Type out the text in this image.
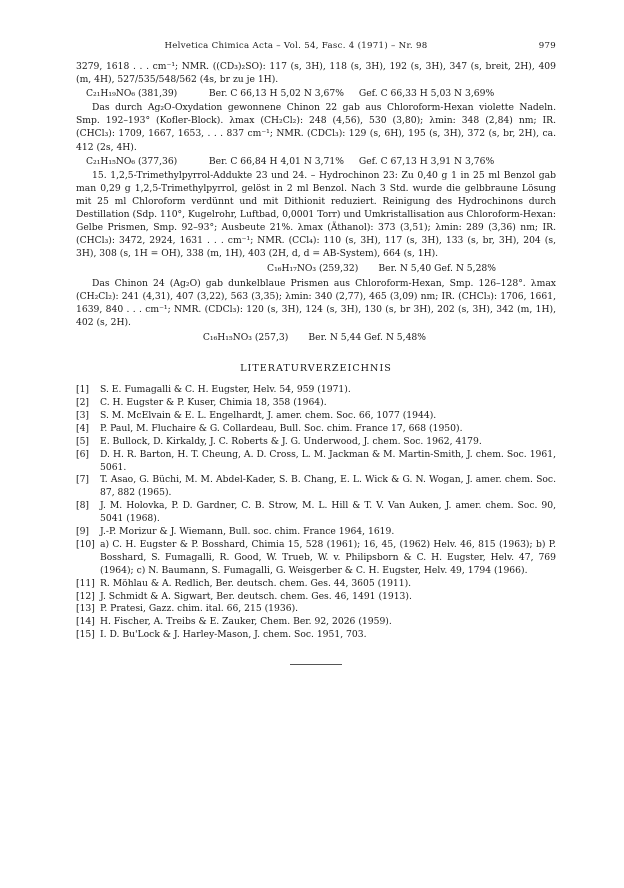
Helvetica Chimica Acta – Vol. 54, Fasc. 4 (1971) – Nr. 98	979

3279, 1618 . . . cm⁻¹; NMR. ((CD₃)₂SO): 117 (s, 3H), 118 (s, 3H), 192 (s, 3H), 347 (s, breit, 2H), 409 (m, 4H), 527/535/548/562 (4s, br zu je 1H).

C₂₁H₁₉NO₆ (381,39)	Ber. C 66,13 H 5,02 N 3,67% Gef. C 66,33 H 5,03 N 3,69%

Das durch Ag₂O-Oxydation gewonnene Chinon 22 gab aus Chloroform-Hexan violette Nadeln. Smp. 192–193° (Kofler-Block). λmax (CH₂Cl₂): 248 (4,56), 530 (3,80); λmin: 348 (2,84) nm; IR. (CHCl₃): 1709, 1667, 1653, . . . 837 cm⁻¹; NMR. (CDCl₃): 129 (s, 6H), 195 (s, 3H), 372 (s, br, 2H), ca. 412 (2s, 4H).

C₂₁H₁₅NO₆ (377,36)	Ber. C 66,84 H 4,01 N 3,71% Gef. C 67,13 H 3,91 N 3,76%

15. 1,2,5-Trimethylpyrrol-Addukte 23 und 24. – Hydrochinon 23: Zu 0,40 g 1 in 25 ml Benzol gab man 0,29 g 1,2,5-Trimethylpyrrol, gelöst in 2 ml Benzol. Nach 3 Std. wurde die gelbbraune Lösung mit 25 ml Chloroform verdünnt und mit Dithionit reduziert. Reinigung des Hydrochinons durch Destillation (Sdp. 110°, Kugelrohr, Luftbad, 0,0001 Torr) und Umkristallisation aus Chloroform-Hexan: Gelbe Prismen, Smp. 92–93°; Ausbeute 21%. λmax (Äthanol): 373 (3,51); λmin: 289 (3,36) nm; IR. (CHCl₃): 3472, 2924, 1631 . . . cm⁻¹; NMR. (CCl₄): 110 (s, 3H), 117 (s, 3H), 133 (s, br, 3H), 204 (s, 3H), 308 (s, 1H = OH), 338 (m, 1H), 403 (2H, d, d = AB-System), 664 (s, 1H).

C₁₆H₁₇NO₃ (259,32) Ber. N 5,40 Gef. N 5,28%

Das Chinon 24 (Ag₂O) gab dunkelblaue Prismen aus Chloroform-Hexan, Smp. 126–128°. λmax (CH₂Cl₂): 241 (4,31), 407 (3,22), 563 (3,35); λmin: 340 (2,77), 465 (3,09) nm; IR. (CHCl₃): 1706, 1661, 1639, 840 . . . cm⁻¹; NMR. (CDCl₃): 120 (s, 3H), 124 (s, 3H), 130 (s, br 3H), 202 (s, 3H), 342 (m, 1H), 402 (s, 2H).

C₁₆H₁₅NO₃ (257,3) Ber. N 5,44 Gef. N 5,48%
LITERATURVERZEICHNIS
[1] S. E. Fumagalli & C. H. Eugster, Helv. 54, 959 (1971).
[2] C. H. Eugster & P. Kuser, Chimia 18, 358 (1964).
[3] S. M. McElvain & E. L. Engelhardt, J. amer. chem. Soc. 66, 1077 (1944).
[4] P. Paul, M. Fluchaire & G. Collardeau, Bull. Soc. chim. France 17, 668 (1950).
[5] E. Bullock, D. Kirkaldy, J. C. Roberts & J. G. Underwood, J. chem. Soc. 1962, 4179.
[6] D. H. R. Barton, H. T. Cheung, A. D. Cross, L. M. Jackman & M. Martin-Smith, J. chem. Soc. 1961, 5061.
[7] T. Asao, G. Büchi, M. M. Abdel-Kader, S. B. Chang, E. L. Wick & G. N. Wogan, J. amer. chem. Soc. 87, 882 (1965).
[8] J. M. Holovka, P. D. Gardner, C. B. Strow, M. L. Hill & T. V. Van Auken, J. amer. chem. Soc. 90, 5041 (1968).
[9] J.-P. Morizur & J. Wiemann, Bull. soc. chim. France 1964, 1619.
[10] a) C. H. Eugster & P. Bosshard, Chimia 15, 528 (1961); 16, 45, (1962) Helv. 46, 815 (1963); b) P. Bosshard, S. Fumagalli, R. Good, W. Trueb, W. v. Philipsborn & C. H. Eugster, Helv. 47, 769 (1964); c) N. Baumann, S. Fumagalli, G. Weisgerber & C. H. Eugster, Helv. 49, 1794 (1966).
[11] R. Möhlau & A. Redlich, Ber. deutsch. chem. Ges. 44, 3605 (1911).
[12] J. Schmidt & A. Sigwart, Ber. deutsch. chem. Ges. 46, 1491 (1913).
[13] P. Pratesi, Gazz. chim. ital. 66, 215 (1936).
[14] H. Fischer, A. Treibs & E. Zauker, Chem. Ber. 92, 2026 (1959).
[15] I. D. Bu'Lock & J. Harley-Mason, J. chem. Soc. 1951, 703.
